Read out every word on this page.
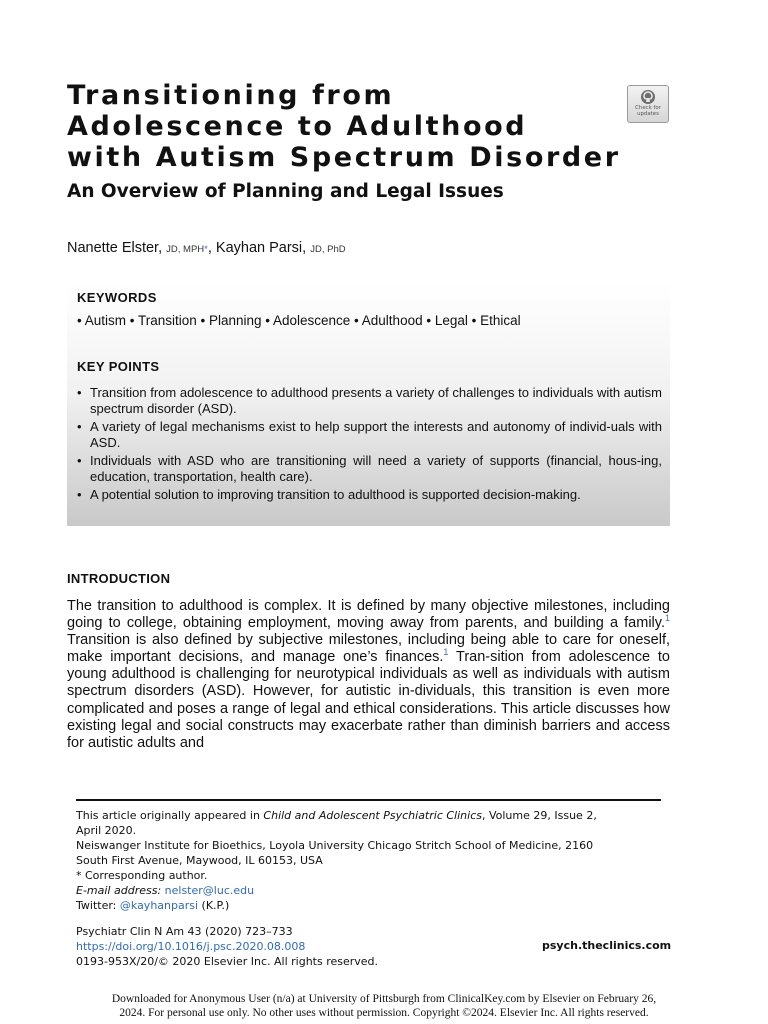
Transitioning from
Adolescence to Adulthood
with Autism Spectrum Disorder
Check for
updates
An Overview of Planning and Legal Issues
Nanette Elster, JD, MPH*, Kayhan Parsi, JD, PhD
KEYWORDS
• Autism • Transition • Planning • Adolescence • Adulthood • Legal • Ethical
KEY POINTS
• Transition from adolescence to adulthood presents a variety of challenges to individuals with autism spectrum disorder (ASD).
• A variety of legal mechanisms exist to help support the interests and autonomy of individ-uals with ASD.
• Individuals with ASD who are transitioning will need a variety of supports (financial, hous-ing, education, transportation, health care).
• A potential solution to improving transition to adulthood is supported decision-making.
INTRODUCTION

The transition to adulthood is complex. It is defined by many objective milestones, including going to college, obtaining employment, moving away from parents, and building a family.$^1$ Transition is also defined by subjective milestones, including being able to care for oneself, make important decisions, and manage one’s finances.$^1$ Tran-sition from adolescence to young adulthood is challenging for neurotypical individuals as well as individuals with autism spectrum disorders (ASD). However, for autistic in-dividuals, this transition is even more complicated and poses a range of legal and ethical considerations. This article discusses how existing legal and social constructs may exacerbate rather than diminish barriers and access for autistic adults and

This article originally appeared in Child and Adolescent Psychiatric Clinics, Volume 29, Issue 2,
April 2020.
Neiswanger Institute for Bioethics, Loyola University Chicago Stritch School of Medicine, 2160
South First Avenue, Maywood, IL 60153, USA
* Corresponding author.
E-mail address: nelster@luc.edu
Twitter: @kayhanparsi (K.P.)
Psychiatr Clin N Am 43 (2020) 723–733
https://doi.org/10.1016/j.psc.2020.08.008
0193-953X/20/© 2020 Elsevier Inc. All rights reserved.
psych.theclinics.com
Downloaded for Anonymous User (n/a) at University of Pittsburgh from ClinicalKey.com by Elsevier on February 26,
2024. For personal use only. No other uses without permission. Copyright ©2024. Elsevier Inc. All rights reserved.
